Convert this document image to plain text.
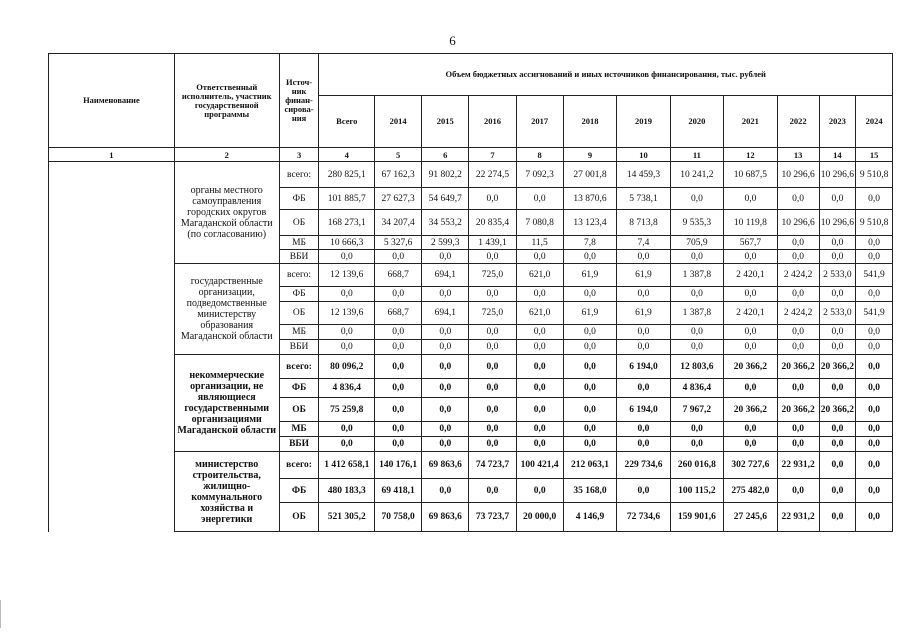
6
Наименование	Ответственный исполнитель, участник государственной программы	Источ-ник финан-сирова-ния	Объем бюджетных ассигнований и иных источников финансирования, тыс. рублей											
			Всего	2014	2015	2016	2017	2018	2019	2020	2021	2022	2023	2024
1	2	3	4	5	6	7	8	9	10	11	12	13	14	15
	органы местного самоуправления городских округов Магаданской области (по согласованию)	всего:	280 825,1	67 162,3	91 802,2	22 274,5	7 092,3	27 001,8	14 459,3	10 241,2	10 687,5	10 296,6	10 296,6	9 510,8
		ФБ	101 885,7	27 627,3	54 649,7	0,0	0,0	13 870,6	5 738,1	0,0	0,0	0,0	0,0	0,0
		ОБ	168 273,1	34 207,4	34 553,2	20 835,4	7 080,8	13 123,4	8 713,8	9 535,3	10 119,8	10 296,6	10 296,6	9 510,8
		МБ	10 666,3	5 327,6	2 599,3	1 439,1	11,5	7,8	7,4	705,9	567,7	0,0	0,0	0,0
		ВБИ	0,0	0,0	0,0	0,0	0,0	0,0	0,0	0,0	0,0	0,0	0,0	0,0
	государственные организации, подведомственные министерству образования Магаданской области	всего:	12 139,6	668,7	694,1	725,0	621,0	61,9	61,9	1 387,8	2 420,1	2 424,2	2 533,0	541,9
		ФБ	0,0	0,0	0,0	0,0	0,0	0,0	0,0	0,0	0,0	0,0	0,0	0,0
		ОБ	12 139,6	668,7	694,1	725,0	621,0	61,9	61,9	1 387,8	2 420,1	2 424,2	2 533,0	541,9
		МБ	0,0	0,0	0,0	0,0	0,0	0,0	0,0	0,0	0,0	0,0	0,0	0,0
		ВБИ	0,0	0,0	0,0	0,0	0,0	0,0	0,0	0,0	0,0	0,0	0,0	0,0
	некоммерческие организации, не являющиеся государственными организациями Магаданской области	всего:	80 096,2	0,0	0,0	0,0	0,0	0,0	6 194,0	12 803,6	20 366,2	20 366,2	20 366,2	0,0
		ФБ	4 836,4	0,0	0,0	0,0	0,0	0,0	0,0	4 836,4	0,0	0,0	0,0	0,0
		ОБ	75 259,8	0,0	0,0	0,0	0,0	0,0	6 194,0	7 967,2	20 366,2	20 366,2	20 366,2	0,0
		МБ	0,0	0,0	0,0	0,0	0,0	0,0	0,0	0,0	0,0	0,0	0,0	0,0
		ВБИ	0,0	0,0	0,0	0,0	0,0	0,0	0,0	0,0	0,0	0,0	0,0	0,0
	министерство строительства, жилищно-коммунального хозяйства и энергетики	всего:	1 412 658,1	140 176,1	69 863,6	74 723,7	100 421,4	212 063,1	229 734,6	260 016,8	302 727,6	22 931,2	0,0	0,0
		ФБ	480 183,3	69 418,1	0,0	0,0	0,0	35 168,0	0,0	100 115,2	275 482,0	0,0	0,0	0,0
		ОБ	521 305,2	70 758,0	69 863,6	73 723,7	20 000,0	4 146,9	72 734,6	159 901,6	27 245,6	22 931,2	0,0	0,0
